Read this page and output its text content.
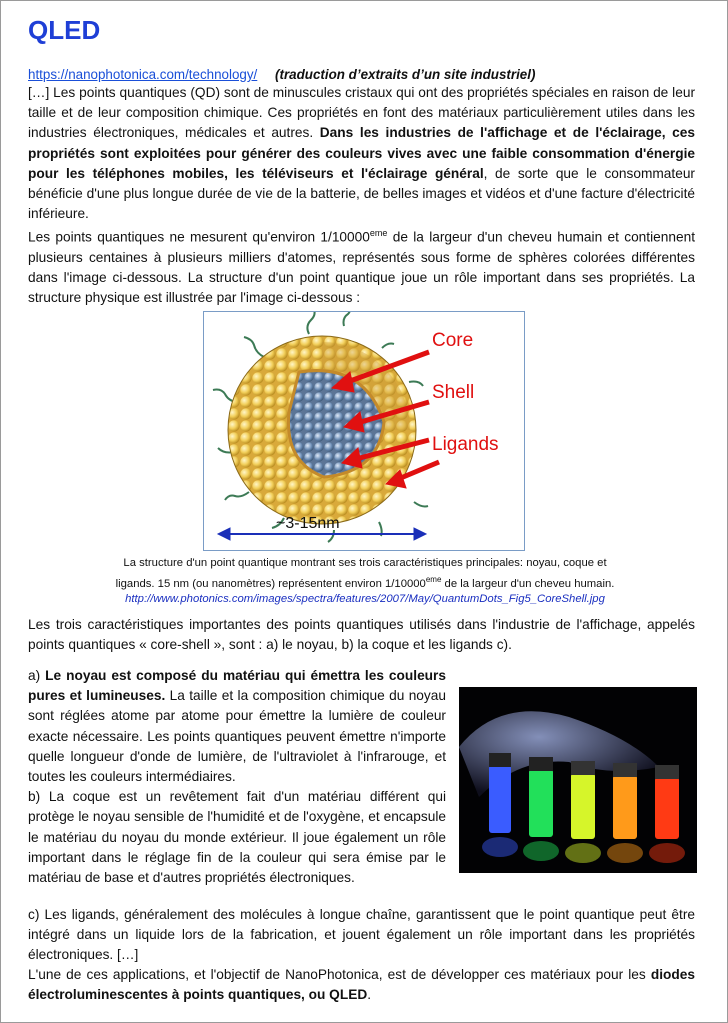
QLED
https://nanophotonica.com/technology/ (traduction d’extraits d’un site industriel)

[…] Les points quantiques (QD) sont de minuscules cristaux qui ont des propriétés spéciales en raison de leur taille et de leur composition chimique. Ces propriétés en font des matériaux particulièrement utiles dans les industries électroniques, médicales et autres. Dans les industries de l'affichage et de l'éclairage, ces propriétés sont exploitées pour générer des couleurs vives avec une faible consommation d'énergie pour les téléphones mobiles, les téléviseurs et l'éclairage général, de sorte que le consommateur bénéficie d'une plus longue durée de vie de la batterie, de belles images et vidéos et d'une facture d'électricité inférieure.

Les points quantiques ne mesurent qu'environ 1/10000eme de la largeur d'un cheveu humain et contiennent plusieurs centaines à plusieurs milliers d'atomes, représentés sous forme de sphères colorées différentes dans l'image ci-dessous. La structure d'un point quantique joue un rôle important dans ses propriétés. La structure physique est illustrée par l'image ci-dessous :

Core
Shell
Ligands
~3-15nm
La structure d'un point quantique montrant ses trois caractéristiques principales: noyau, coque et
ligands. 15 nm (ou nanomètres) représentent environ 1/10000eme de la largeur d'un cheveu humain.
http://www.photonics.com/images/spectra/features/2007/May/QuantumDots_Fig5_CoreShell.jpg

Les trois caractéristiques importantes des points quantiques utilisés dans l'industrie de l'affichage, appelés points quantiques « core-shell », sont : a) le noyau, b) la coque et les ligands c).

a) Le noyau est composé du matériau qui émettra les couleurs pures et lumineuses. La taille et la composition chimique du noyau sont réglées atome par atome pour émettre la lumière de couleur exacte nécessaire. Les points quantiques peuvent émettre n'importe quelle longueur d'onde de lumière, de l'ultraviolet à l'infrarouge, et toutes les couleurs intermédiaires.
b) La coque est un revêtement fait d'un matériau différent qui protège le noyau sensible de l'humidité et de l'oxygène, et encapsule le matériau du noyau du monde extérieur. Il joue également un rôle important dans le réglage fin de la couleur qui sera émise par le matériau de base et d'autres propriétés électroniques.

c) Les ligands, généralement des molécules à longue chaîne, garantissent que le point quantique peut être intégré dans un liquide lors de la fabrication, et jouent également un rôle important dans les propriétés électroniques. […]

L'une de ces applications, et l'objectif de NanoPhotonica, est de développer ces matériaux pour les diodes électroluminescentes à points quantiques, ou QLED.
